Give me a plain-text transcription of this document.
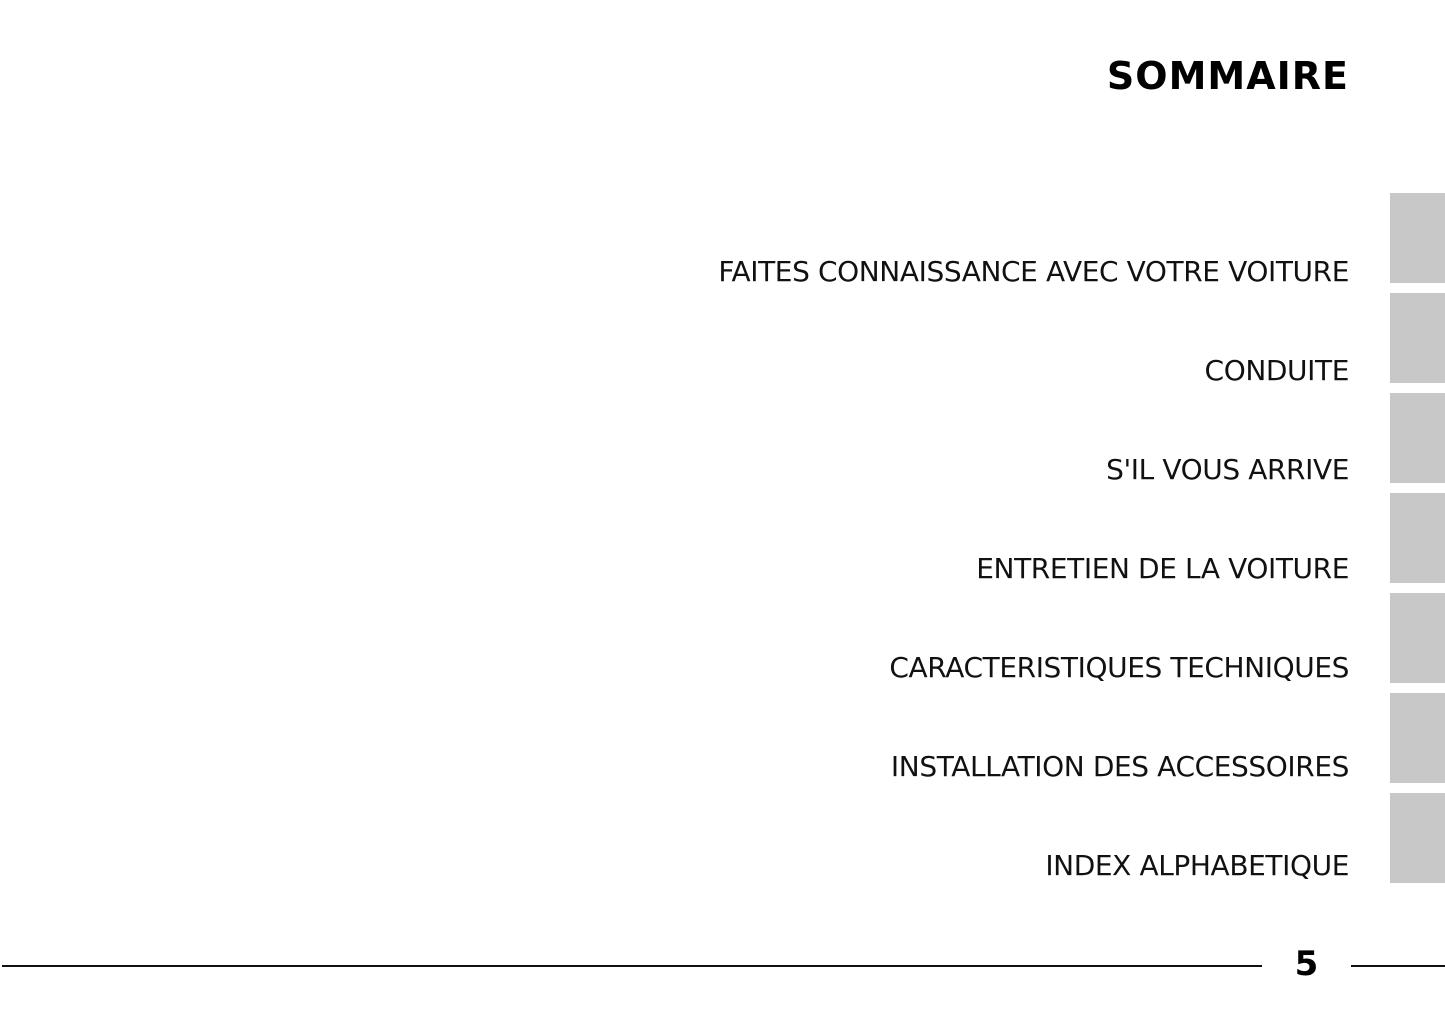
SOMMAIRE
FAITES CONNAISSANCE AVEC VOTRE VOITURE
CONDUITE
S'IL VOUS ARRIVE
ENTRETIEN DE LA VOITURE
CARACTERISTIQUES TECHNIQUES
INSTALLATION DES ACCESSOIRES
INDEX ALPHABETIQUE
5
